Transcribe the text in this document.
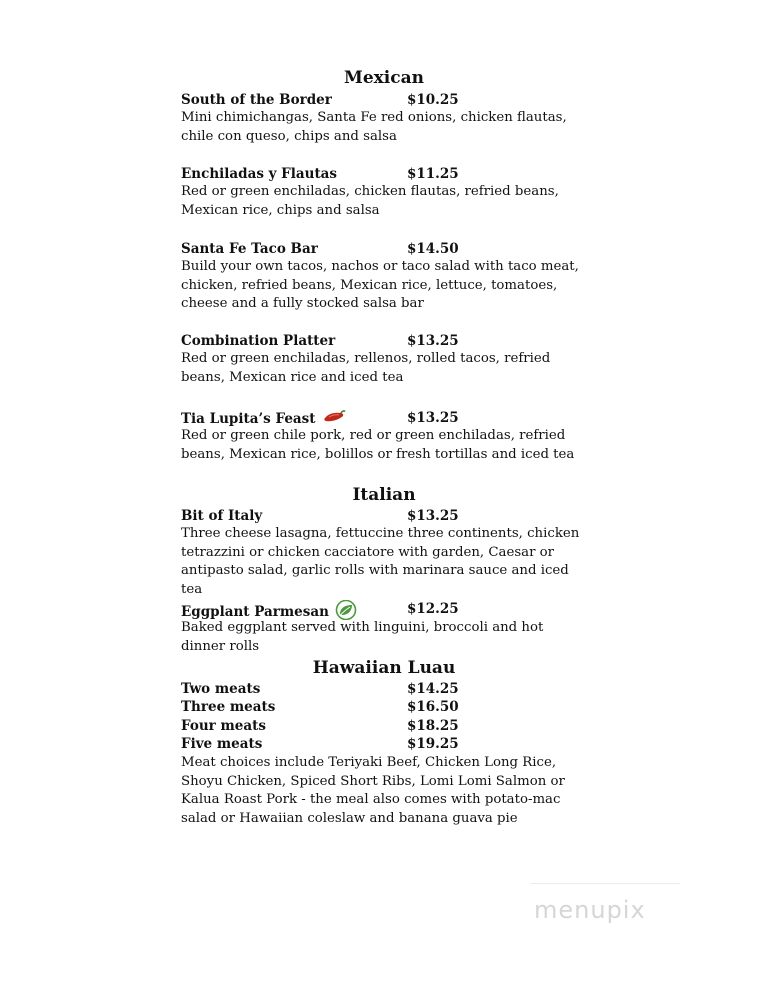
Mexican
South of the Border	$10.25
Mini chimichangas, Santa Fe red onions, chicken flautas, chile con queso, chips and salsa
Enchiladas y Flautas	$11.25
Red or green enchiladas, chicken flautas, refried beans, Mexican rice, chips and salsa
Santa Fe Taco Bar	$14.50
Build your own tacos, nachos or taco salad with taco meat, chicken, refried beans, Mexican rice, lettuce, tomatoes, cheese and a fully stocked salsa bar
Combination Platter	$13.25
Red or green enchiladas, rellenos, rolled tacos, refried beans, Mexican rice and iced tea
Tia Lupita’s Feast	$13.25
Red or green chile pork, red or green enchiladas, refried beans, Mexican rice, bolillos or fresh tortillas and iced tea
Italian
Bit of Italy	$13.25
Three cheese lasagna, fettuccine three continents, chicken tetrazzini or chicken cacciatore with garden, Caesar or antipasto salad, garlic rolls with marinara sauce and iced tea
Eggplant Parmesan	$12.25
Baked eggplant served with linguini, broccoli and hot dinner rolls
Hawaiian Luau
Two meats	$14.25
Three meats	$16.50
Four meats	$18.25
Five meats	$19.25
Meat choices include Teriyaki Beef, Chicken Long Rice, Shoyu Chicken, Spiced Short Ribs, Lomi Lomi Salmon or Kalua Roast Pork - the meal also comes with potato-mac salad or Hawaiian coleslaw and banana guava pie
menupix
